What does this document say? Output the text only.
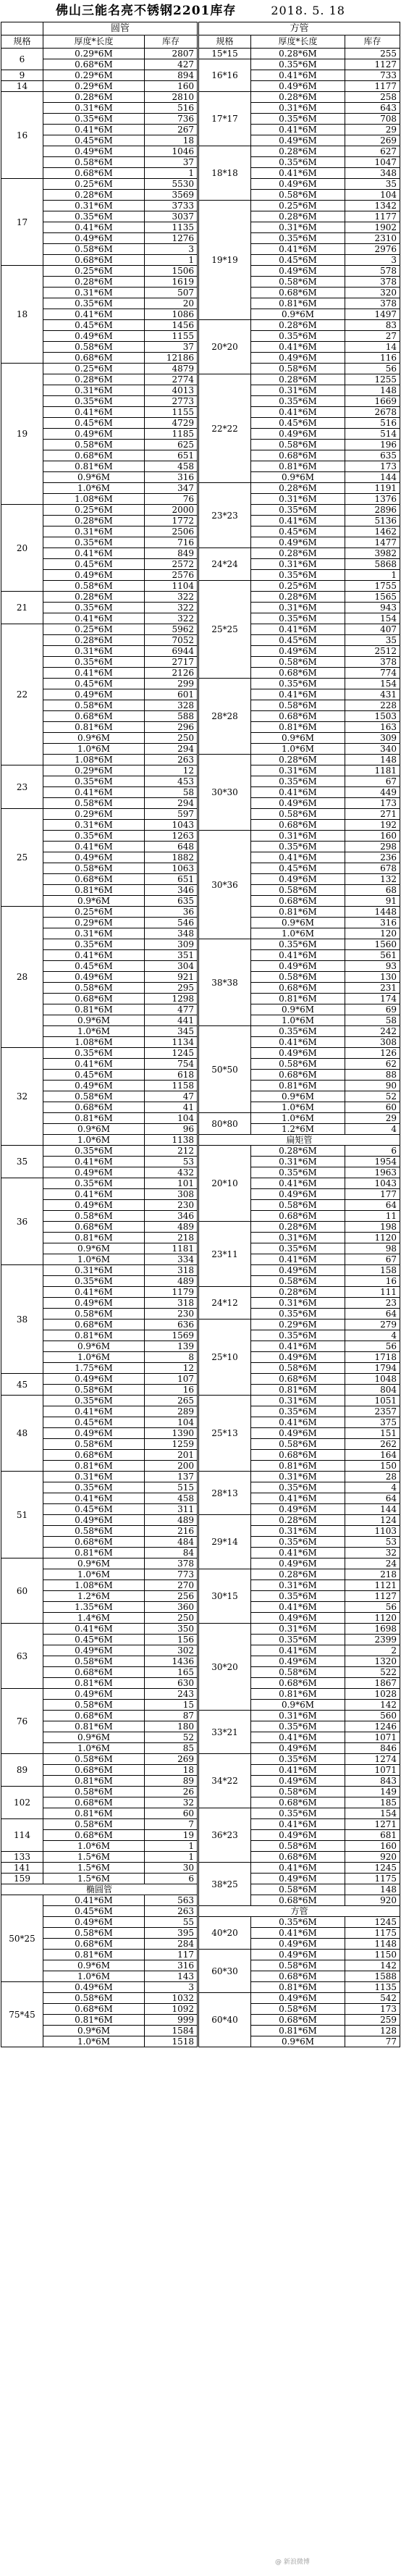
佛山三能名亮不锈钢2201库存	2018. 5. 18
	圆管	
规格	厚度*长度	库存
6	0.29*6M	2807
	0.68*6M	427
9	0.29*6M	894
14	0.29*6M	160
16	0.28*6M	2810
	0.31*6M	516
	0.35*6M	736
	0.41*6M	267
	0.45*6M	18
	0.49*6M	1046
	0.58*6M	37
	0.68*6M	1
17	0.25*6M	5530
	0.28*6M	3569
	0.31*6M	3733
	0.35*6M	3037
	0.41*6M	1135
	0.49*6M	1276
	0.58*6M	3
	0.68*6M	1
18	0.25*6M	1506
	0.28*6M	1619
	0.31*6M	507
	0.35*6M	20
	0.41*6M	1086
	0.45*6M	1456
	0.49*6M	1155
	0.58*6M	37
	0.68*6M	12186
19	0.25*6M	4879
	0.28*6M	2774
	0.31*6M	4013
	0.35*6M	2773
	0.41*6M	1155
	0.45*6M	4729
	0.49*6M	1185
	0.58*6M	625
	0.68*6M	651
	0.81*6M	458
	0.9*6M	316
	1.0*6M	347
	1.08*6M	76
20	0.25*6M	2000
	0.28*6M	1772
	0.31*6M	2506
	0.35*6M	716
	0.41*6M	849
	0.45*6M	2572
	0.49*6M	2576
	0.58*6M	1104
21	0.28*6M	322
	0.35*6M	322
	0.41*6M	322
22	0.25*6M	5962
	0.28*6M	7052
	0.31*6M	6944
	0.35*6M	2717
	0.41*6M	2126
	0.45*6M	299
	0.49*6M	601
	0.58*6M	328
	0.68*6M	588
	0.81*6M	296
	0.9*6M	250
	1.0*6M	294
	1.08*6M	263
23	0.29*6M	12
	0.35*6M	453
	0.41*6M	58
	0.58*6M	294
25	0.29*6M	597
	0.31*6M	1043
	0.35*6M	1263
	0.41*6M	648
	0.49*6M	1882
	0.58*6M	1063
	0.68*6M	651
	0.81*6M	346
	0.9*6M	635
28	0.25*6M	36
	0.29*6M	546
	0.31*6M	348
	0.35*6M	309
	0.41*6M	351
	0.45*6M	304
	0.49*6M	921
	0.58*6M	295
	0.68*6M	1298
	0.81*6M	477
	0.9*6M	441
	1.0*6M	345
	1.08*6M	1134
32	0.35*6M	1245
	0.41*6M	754
	0.45*6M	618
	0.49*6M	1158
	0.58*6M	47
	0.68*6M	41
	0.81*6M	104
	0.9*6M	96
	1.0*6M	1138
35	0.35*6M	212
	0.41*6M	53
	0.49*6M	432
36	0.35*6M	101
	0.41*6M	308
	0.49*6M	230
	0.58*6M	346
	0.68*6M	489
	0.81*6M	218
	0.9*6M	1181
	1.0*6M	334
38	0.31*6M	318
	0.35*6M	489
	0.41*6M	1179
	0.49*6M	318
	0.58*6M	230
	0.68*6M	636
	0.81*6M	1569
	0.9*6M	139
	1.0*6M	8
	1.75*6M	12
45	0.49*6M	107
	0.58*6M	16
48	0.35*6M	265
	0.41*6M	289
	0.45*6M	104
	0.49*6M	1390
	0.58*6M	1259
	0.68*6M	201
	0.81*6M	200
51	0.31*6M	137
	0.35*6M	515
	0.41*6M	458
	0.45*6M	311
	0.49*6M	489
	0.58*6M	216
	0.68*6M	484
	0.81*6M	84
60	0.9*6M	378
	1.0*6M	773
	1.08*6M	270
	1.2*6M	256
	1.35*6M	360
	1.4*6M	250
63	0.41*6M	350
	0.45*6M	156
	0.49*6M	302
	0.58*6M	1436
	0.68*6M	165
	0.81*6M	630
76	0.49*6M	243
	0.58*6M	15
	0.68*6M	87
	0.81*6M	180
	0.9*6M	52
	1.0*6M	85
89	0.58*6M	269
	0.68*6M	18
	0.81*6M	89
102	0.58*6M	26
	0.68*6M	32
	0.81*6M	60
114	0.58*6M	7
	0.68*6M	19
	1.0*6M	1
133	1.5*6M	1
141	1.5*6M	30
159	1.5*6M	6
椭圆管		
50*25	0.41*6M	563
	0.45*6M	263
	0.49*6M	55
	0.58*6M	395
	0.68*6M	284
	0.81*6M	117
	0.9*6M	316
	1.0*6M	143
75*45	0.49*6M	3
	0.58*6M	1032
	0.68*6M	1092
	0.81*6M	999
	0.9*6M	1584
	1.0*6M	1518
方管		
规格	厚度*长度	库存
15*15	0.28*6M	255
16*16	0.35*6M	1127
	0.41*6M	733
	0.49*6M	1177
17*17	0.28*6M	258
	0.31*6M	643
	0.35*6M	708
	0.41*6M	29
	0.49*6M	269
18*18	0.28*6M	627
	0.35*6M	1047
	0.41*6M	348
	0.49*6M	35
	0.58*6M	104
19*19	0.25*6M	1342
	0.28*6M	1177
	0.31*6M	1902
	0.35*6M	2310
	0.41*6M	2976
	0.45*6M	3
	0.49*6M	578
	0.58*6M	378
	0.68*6M	320
	0.81*6M	378
	0.9*6M	1497
20*20	0.28*6M	83
	0.35*6M	27
	0.41*6M	14
	0.49*6M	116
	0.58*6M	56
22*22	0.28*6M	1255
	0.31*6M	148
	0.35*6M	1669
	0.41*6M	2678
	0.45*6M	516
	0.49*6M	514
	0.58*6M	196
	0.68*6M	635
	0.81*6M	173
	0.9*6M	144
23*23	0.28*6M	1191
	0.31*6M	1376
	0.35*6M	2896
	0.41*6M	5136
	0.45*6M	1462
	0.49*6M	1477
24*24	0.28*6M	3982
	0.31*6M	5868
	0.35*6M	1
25*25	0.25*6M	1755
	0.28*6M	1565
	0.31*6M	943
	0.35*6M	154
	0.41*6M	407
	0.45*6M	35
	0.49*6M	2512
	0.58*6M	378
	0.68*6M	774
28*28	0.35*6M	154
	0.41*6M	431
	0.58*6M	228
	0.68*6M	1503
	0.81*6M	163
	0.9*6M	309
	1.0*6M	340
30*30	0.28*6M	148
	0.31*6M	1181
	0.35*6M	67
	0.41*6M	449
	0.49*6M	173
	0.58*6M	271
	0.68*6M	192
30*36	0.31*6M	160
	0.35*6M	298
	0.41*6M	236
	0.45*6M	678
	0.49*6M	132
	0.58*6M	68
	0.68*6M	91
	0.81*6M	1448
	0.9*6M	316
	1.0*6M	120
38*38	0.35*6M	1560
	0.41*6M	561
	0.49*6M	93
	0.58*6M	130
	0.68*6M	231
	0.81*6M	174
	0.9*6M	69
	1.0*6M	58
50*50	0.35*6M	242
	0.41*6M	308
	0.49*6M	126
	0.58*6M	62
	0.68*6M	88
	0.81*6M	90
	0.9*6M	52
	1.0*6M	60
80*80	1.0*6M	29
	1.2*6M	4
扁矩管		
20*10	0.28*6M	6
	0.31*6M	1954
	0.35*6M	1963
	0.41*6M	1043
	0.49*6M	177
	0.58*6M	64
	0.68*6M	11
23*11	0.28*6M	198
	0.31*6M	1120
	0.35*6M	98
	0.41*6M	67
	0.49*6M	158
	0.58*6M	16
24*12	0.28*6M	111
	0.31*6M	23
	0.35*6M	64
25*10	0.29*6M	279
	0.35*6M	4
	0.41*6M	56
	0.49*6M	1718
	0.58*6M	1794
	0.68*6M	1048
	0.81*6M	804
25*13	0.31*6M	1051
	0.35*6M	2357
	0.41*6M	375
	0.49*6M	151
	0.58*6M	262
	0.68*6M	164
	0.81*6M	150
28*13	0.31*6M	28
	0.35*6M	4
	0.41*6M	64
	0.49*6M	144
29*14	0.28*6M	124
	0.31*6M	1103
	0.35*6M	53
	0.41*6M	32
	0.49*6M	24
30*15	0.28*6M	218
	0.31*6M	1121
	0.35*6M	1127
	0.41*6M	56
	0.49*6M	1120
30*20	0.31*6M	1698
	0.35*6M	2399
	0.41*6M	2
	0.49*6M	1320
	0.58*6M	522
	0.68*6M	1867
	0.81*6M	1028
	0.9*6M	142
33*21	0.31*6M	560
	0.35*6M	1246
	0.41*6M	1071
	0.49*6M	846
34*22	0.35*6M	1274
	0.41*6M	1071
	0.49*6M	843
	0.58*6M	149
	0.68*6M	185
36*23	0.35*6M	154
	0.41*6M	1271
	0.49*6M	681
	0.58*6M	160
	0.68*6M	920
38*25	0.41*6M	1245
	0.49*6M	1175
	0.58*6M	148
	0.68*6M	920
方管		
40*20	0.35*6M	1245
	0.41*6M	1175
	0.49*6M	1148
60*30	0.49*6M	1150
	0.58*6M	142
	0.68*6M	1588
	0.81*6M	1135
60*40	0.49*6M	542
	0.58*6M	173
	0.68*6M	259
	0.81*6M	128
	0.9*6M	77
@ 新浪微博
